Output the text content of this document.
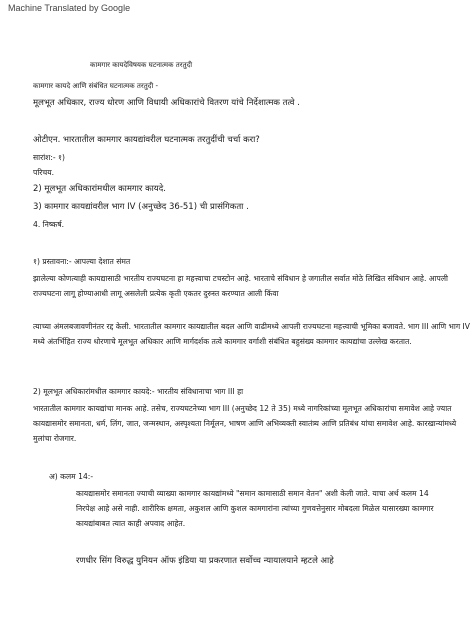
Machine Translated by Google
कामगार कायदेविषयक घटनात्मक तरतुदी
कामगार कायदे आणि संबंधित घटनात्मक तरतुदी -
मूलभूत अधिकार, राज्य धोरण आणि विधायी अधिकारांचे वितरण यांचे निर्देशात्मक तत्वे .
ओटीएन. भारतातील कामगार कायद्यांवरील घटनात्मक तरतुदींची चर्चा करा?
सारांश:- १)
परिचय.
2) मूलभूत अधिकारांमधील कामगार कायदे.
3) कामगार कायद्यांवरील भाग IV (अनुच्छेद 36-51) ची प्रासंगिकता .
4. निष्कर्ष.
१) प्रस्तावना:- आपल्या देशात संमत
झालेल्या कोणत्याही कायद्यासाठी भारतीय राज्यघटना हा महत्त्वाचा टचस्टोन आहे. भारताचे संविधान हे जगातील सर्वात मोठे लिखित संविधान आहे. आपली राज्यघटना लागू होण्याआधी लागू असलेली प्रत्येक कृती एकतर दुरुस्त करण्यात आली किंवा
त्याच्या अंमलबजावणीनंतर रद्द केली. भारतातील कामगार कायद्यातील बदल आणि वाढीमध्ये आपली राज्यघटना महत्त्वाची भूमिका बजावते. भाग III आणि भाग IV मध्ये अंतर्भिहित राज्य धोरणाचे मूलभूत अधिकार आणि मार्गदर्शक तत्वे कामगार वर्गाशी संबंधित बहुसंख्य कामगार कायद्यांचा उल्लेख करतात.
2) मूलभूत अधिकारांमधील कामगार कायदे:- भारतीय संविधानाचा भाग III हा
भारतातील कामगार कायद्यांचा मानक आहे. तसेच, राज्यघटनेच्या भाग III (अनुच्छेद 12 ते 35) मध्ये नागरिकांच्या मूलभूत अधिकारांचा समावेश आहे ज्यात कायद्यासमोर समानता, धर्म, लिंग, जात, जन्मस्थान, अस्पृश्यता निर्मूलन, भाषण आणि अभिव्यक्ती स्वातंत्र्य आणि प्रतिबंध यांचा समावेश आहे. कारखान्यांमध्ये मुलांचा रोजगार.
अ) कलम 14:-
कायद्यासमोर समानता ज्याची व्याख्या कामगार कायद्यांमध्ये "समान कामासाठी समान वेतन" अशी केली जाते. याचा अर्थ कलम 14 निरपेक्ष आहे असे नाही. शारीरिक क्षमता, अकुशल आणि कुशल कामगारांना त्यांच्या गुणवत्तेनुसार मोबदला मिळेल यासारख्या कामगार कायद्यांबाबत त्यात काही अपवाद आहेत.
रणधीर सिंग विरुद्ध युनियन ऑफ इंडिया या प्रकरणात सर्वोच्च न्यायालयाने म्हटले आहे
